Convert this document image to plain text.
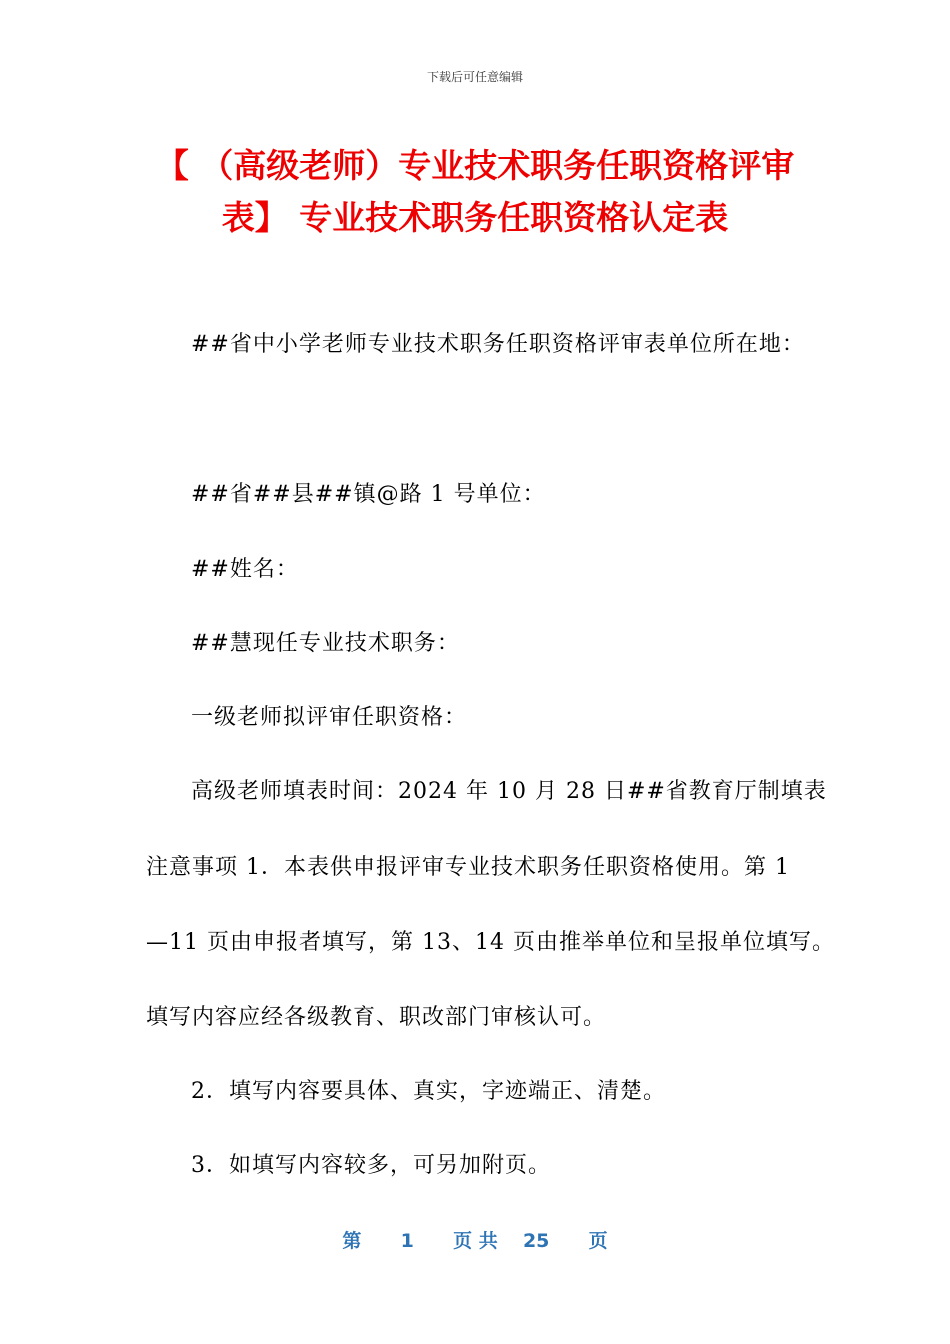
下载后可任意编辑
【 （高级老师）专业技术职务任职资格评审
表】 专业技术职务任职资格认定表
##省中小学老师专业技术职务任职资格评审表单位所在地：
##省##县##镇@路 1 号单位：
##姓名：
##慧现任专业技术职务：
一级老师拟评审任职资格：
高级老师填表时间：2024 年 10 月 28 日##省教育厅制填表
注意事项 1．本表供申报评审专业技术职务任职资格使用。第 1
—11 页由申报者填写，第 13、14 页由推举单位和呈报单位填写。
填写内容应经各级教育、职改部门审核认可。
2．填写内容要具体、真实，字迹端正、清楚。
3．如填写内容较多，可另加附页。
第 1 页 共 25 页
